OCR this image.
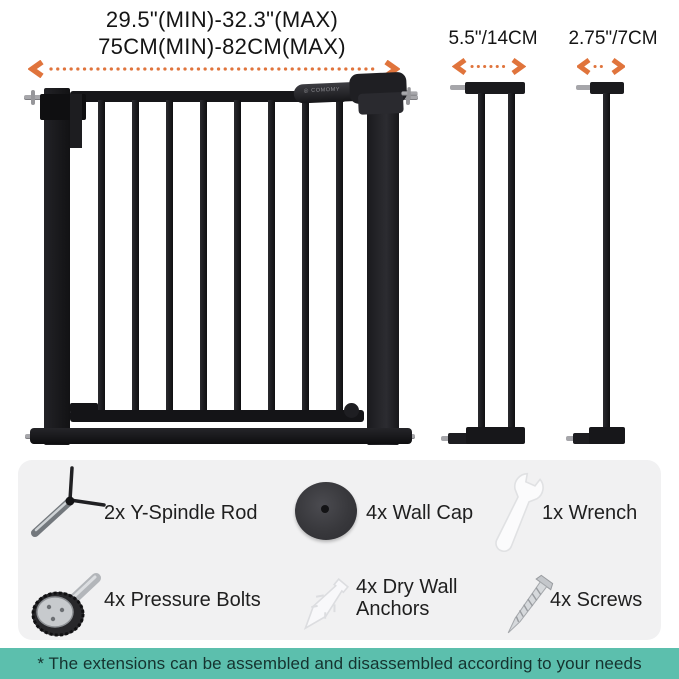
29.5"(MIN)-32.3"(MAX)
75CM(MIN)-82CM(MAX)	5.5"/14CM	2.75"/7CM
◎ COMOMY
2x Y-Spindle Rod	4x Wall Cap	1x Wrench
4x Pressure Bolts
4x Dry Wall Anchors	4x Screws
* The extensions can be assembled and disassembled according to your needs
